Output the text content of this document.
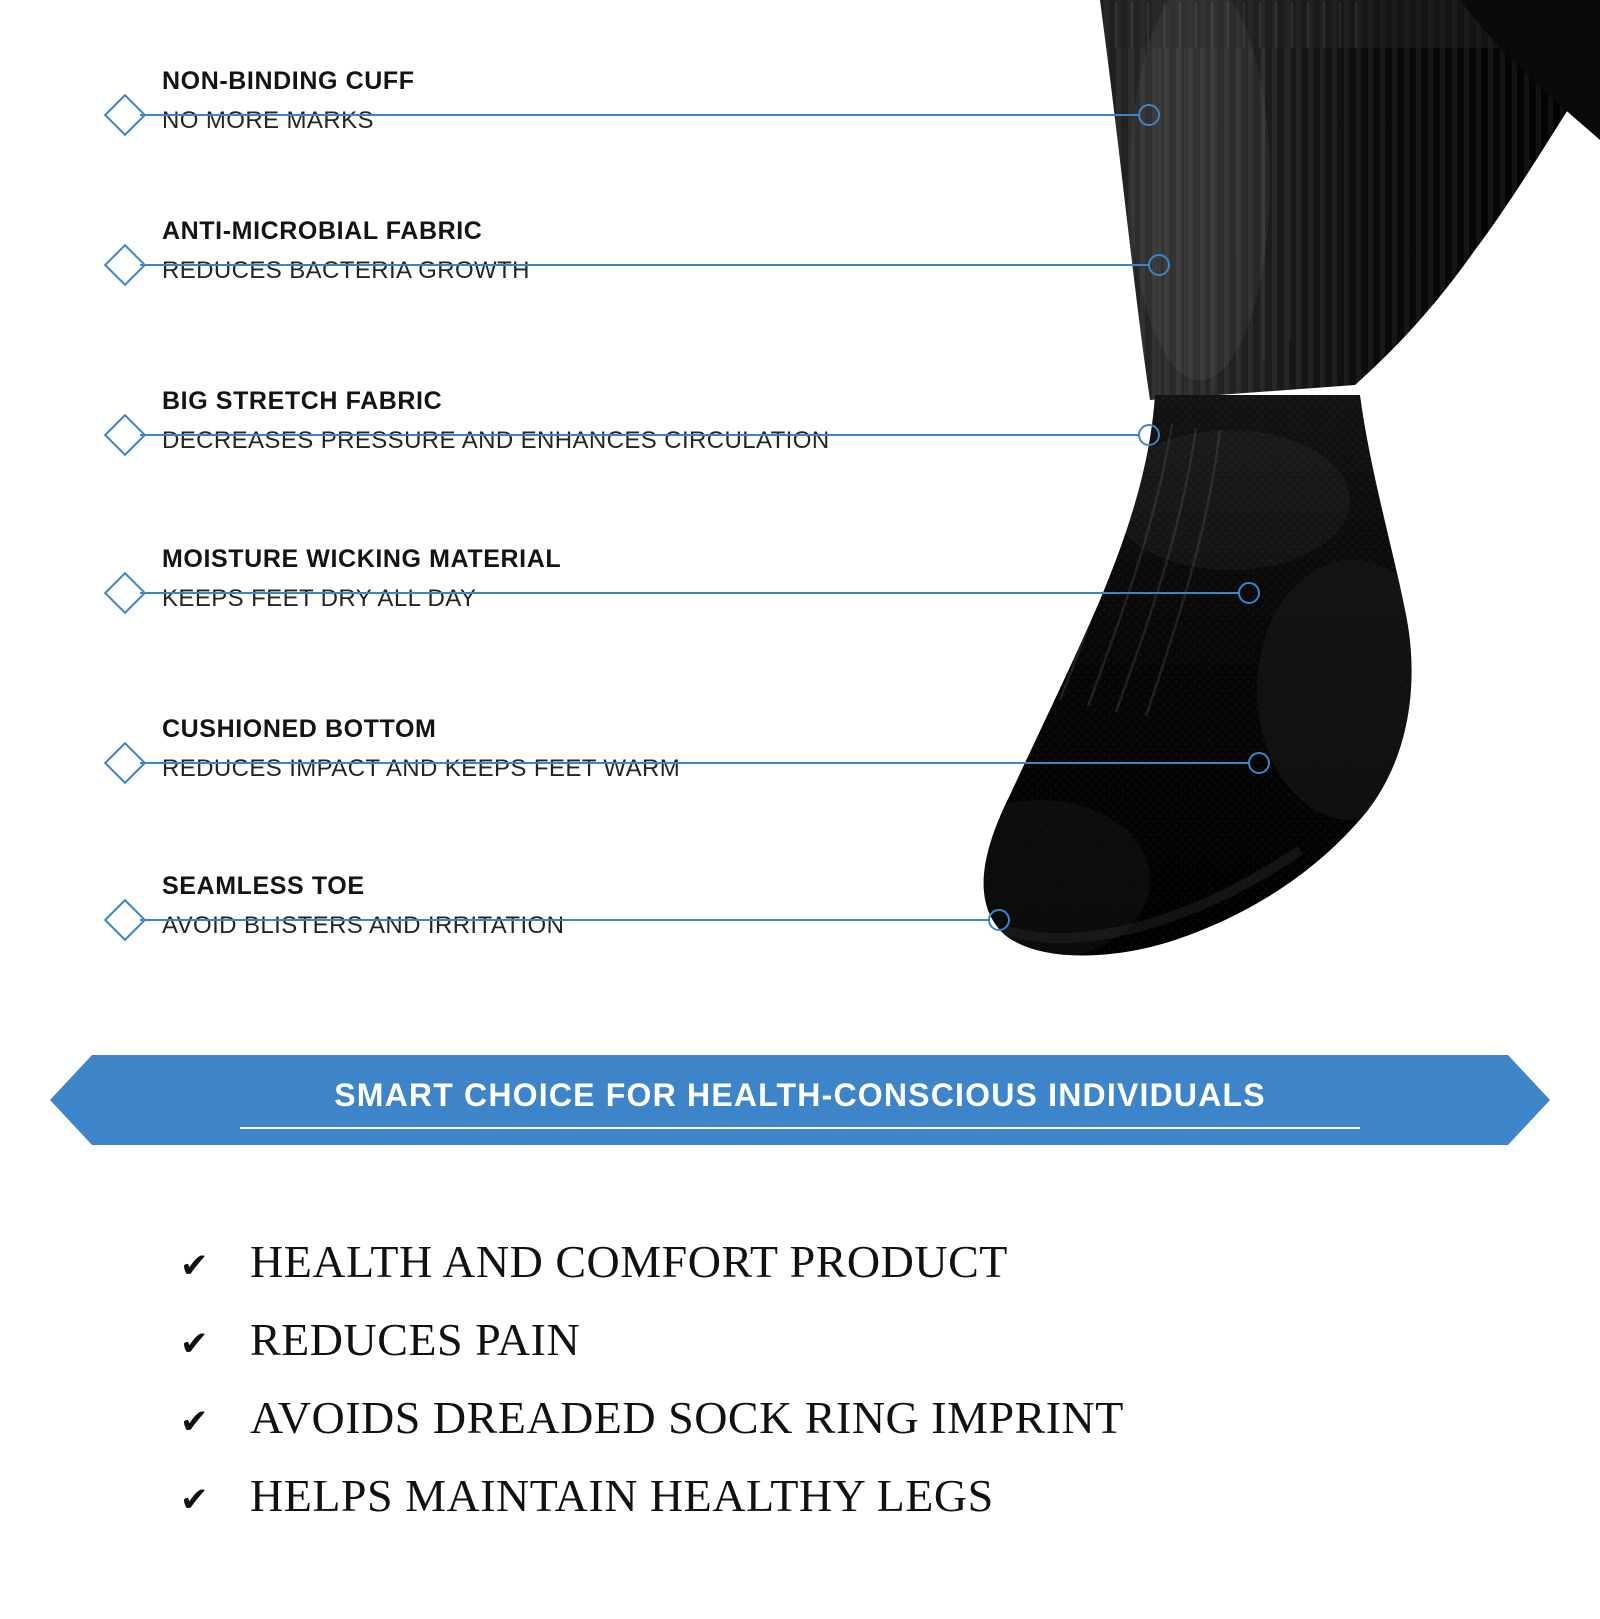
NON-BINDING CUFF
NO MORE MARKS
ANTI-MICROBIAL FABRIC
REDUCES BACTERIA GROWTH
BIG STRETCH FABRIC
DECREASES PRESSURE AND ENHANCES CIRCULATION
MOISTURE WICKING MATERIAL
KEEPS FEET DRY ALL DAY
CUSHIONED BOTTOM
REDUCES IMPACT AND KEEPS FEET WARM
SEAMLESS TOE
AVOID BLISTERS AND IRRITATION
SMART CHOICE FOR HEALTH-CONSCIOUS INDIVIDUALS
✔ HEALTH AND COMFORT PRODUCT
✔ REDUCES PAIN
✔ AVOIDS DREADED SOCK RING IMPRINT
✔ HELPS MAINTAIN HEALTHY LEGS
